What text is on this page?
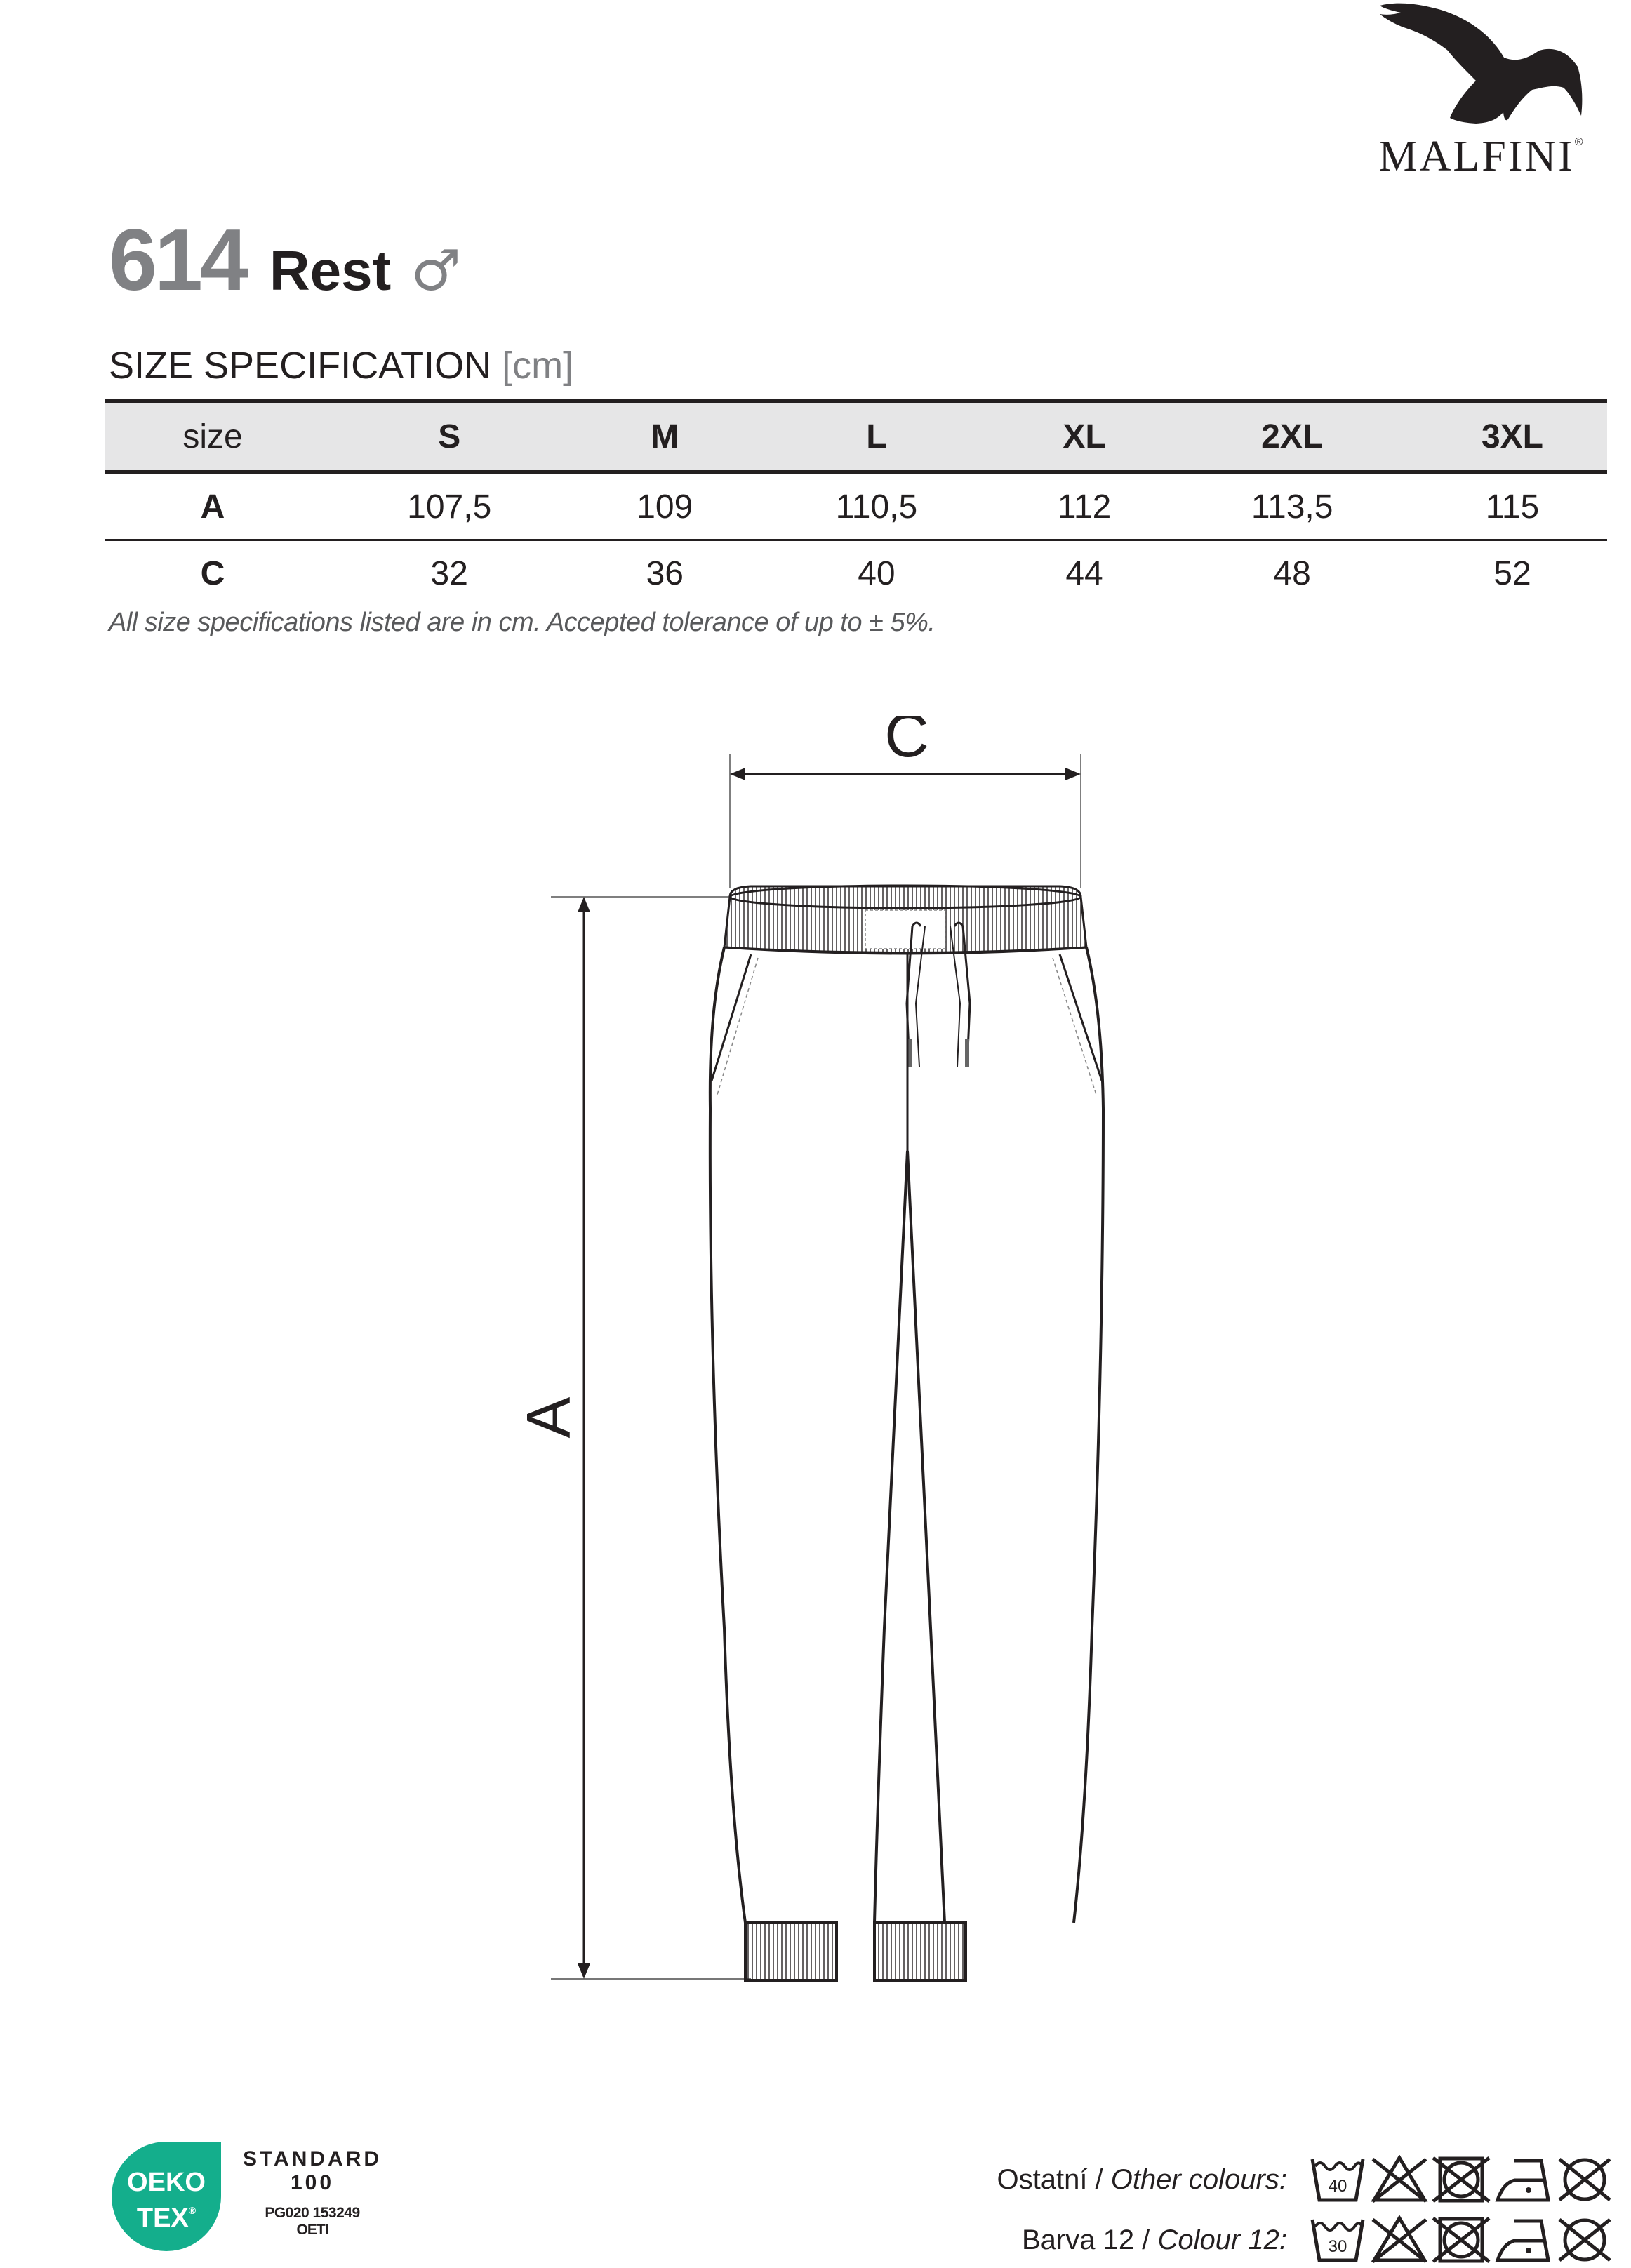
MALFINI®
614 Rest ♂
SIZE SPECIFICATION [cm]
size	S	M	L	XL	2XL	3XL
A	107,5	109	110,5	112	113,5	115
C	32	36	40	44	48	52
All size specifications listed are in cm. Accepted tolerance of up to ± 5%.
C
A
OEKO
TEX®
STANDARD
100
PG020 153249
OETI
Ostatní / Other colours: 40
Barva 12 / Colour 12: 30
